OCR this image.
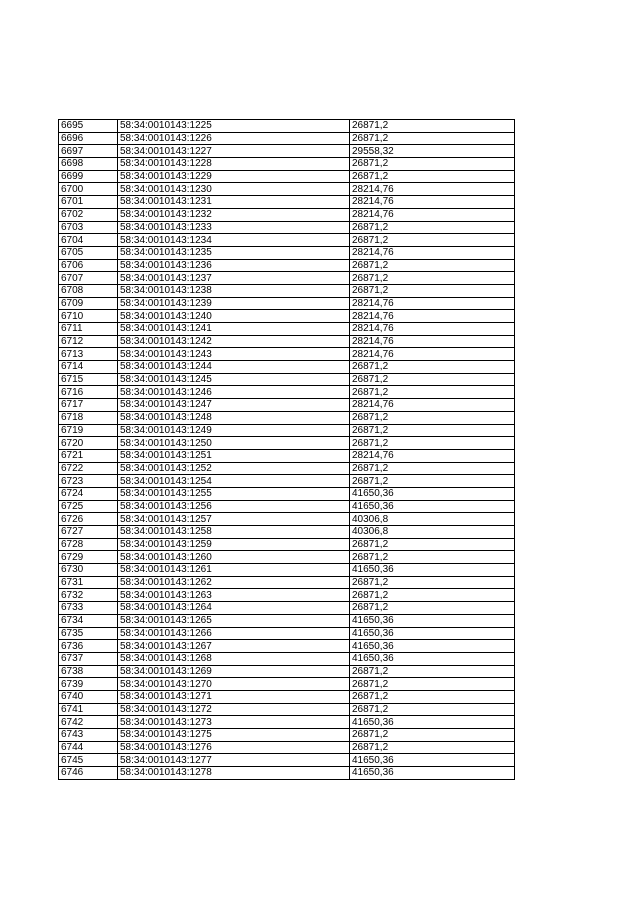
6695	58:34:0010143:1225	26871,2
6696	58:34:0010143:1226	26871,2
6697	58:34:0010143:1227	29558,32
6698	58:34:0010143:1228	26871,2
6699	58:34:0010143:1229	26871,2
6700	58:34:0010143:1230	28214,76
6701	58:34:0010143:1231	28214,76
6702	58:34:0010143:1232	28214,76
6703	58:34:0010143:1233	26871,2
6704	58:34:0010143:1234	26871,2
6705	58:34:0010143:1235	28214,76
6706	58:34:0010143:1236	26871,2
6707	58:34:0010143:1237	26871,2
6708	58:34:0010143:1238	26871,2
6709	58:34:0010143:1239	28214,76
6710	58:34:0010143:1240	28214,76
6711	58:34:0010143:1241	28214,76
6712	58:34:0010143:1242	28214,76
6713	58:34:0010143:1243	28214,76
6714	58:34:0010143:1244	26871,2
6715	58:34:0010143:1245	26871,2
6716	58:34:0010143:1246	26871,2
6717	58:34:0010143:1247	28214,76
6718	58:34:0010143:1248	26871,2
6719	58:34:0010143:1249	26871,2
6720	58:34:0010143:1250	26871,2
6721	58:34:0010143:1251	28214,76
6722	58:34:0010143:1252	26871,2
6723	58:34:0010143:1254	26871,2
6724	58:34:0010143:1255	41650,36
6725	58:34:0010143:1256	41650,36
6726	58:34:0010143:1257	40306,8
6727	58:34:0010143:1258	40306,8
6728	58:34:0010143:1259	26871,2
6729	58:34:0010143:1260	26871,2
6730	58:34:0010143:1261	41650,36
6731	58:34:0010143:1262	26871,2
6732	58:34:0010143:1263	26871,2
6733	58:34:0010143:1264	26871,2
6734	58:34:0010143:1265	41650,36
6735	58:34:0010143:1266	41650,36
6736	58:34:0010143:1267	41650,36
6737	58:34:0010143:1268	41650,36
6738	58:34:0010143:1269	26871,2
6739	58:34:0010143:1270	26871,2
6740	58:34:0010143:1271	26871,2
6741	58:34:0010143:1272	26871,2
6742	58:34:0010143:1273	41650,36
6743	58:34:0010143:1275	26871,2
6744	58:34:0010143:1276	26871,2
6745	58:34:0010143:1277	41650,36
6746	58:34:0010143:1278	41650,36
